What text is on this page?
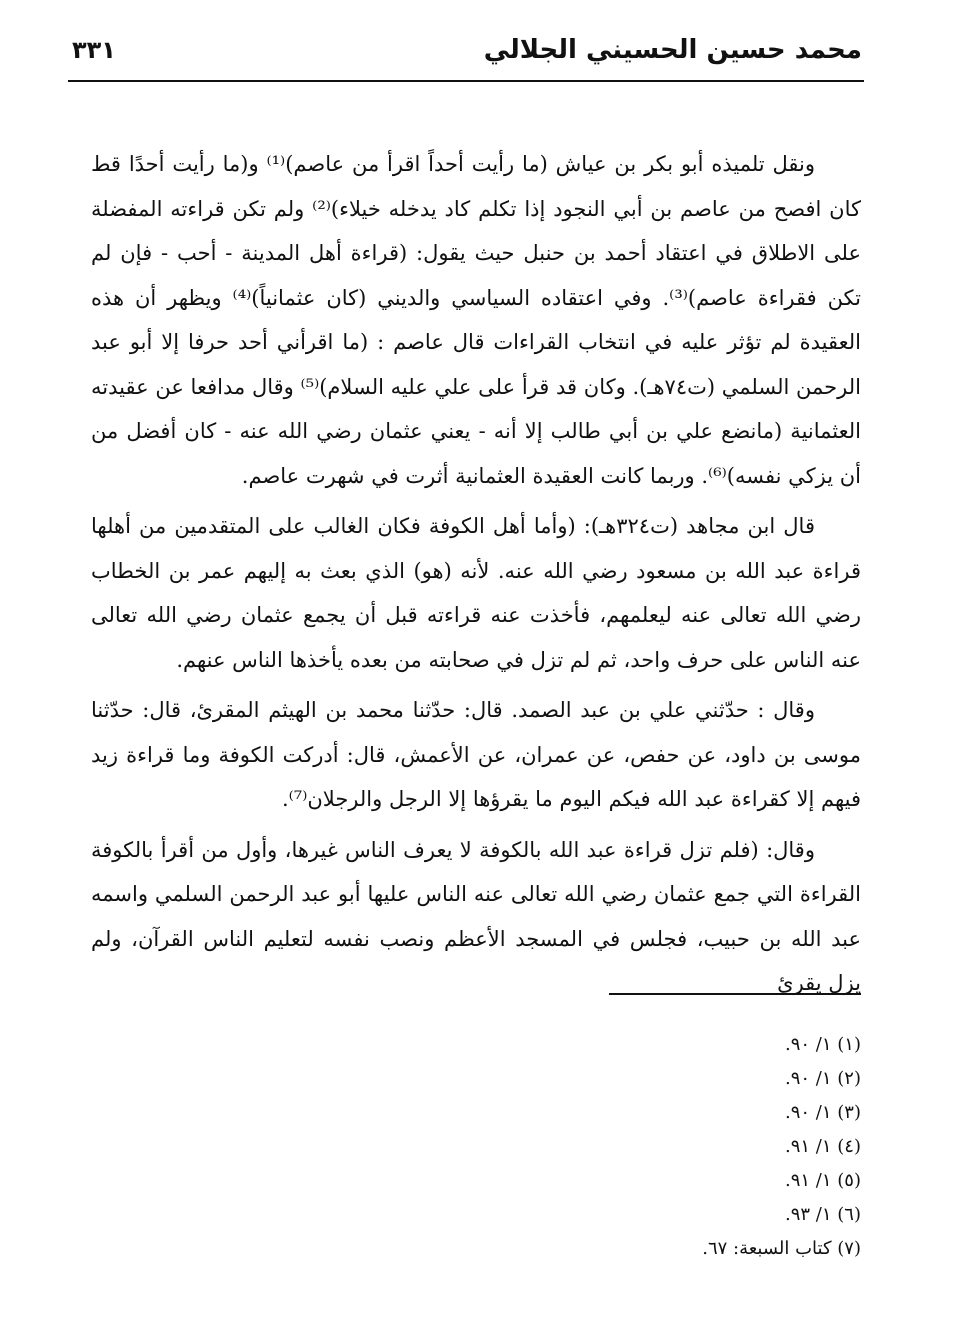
محمد حسين الحسيني الجلالي
٣٣١

ونقل تلميذه أبو بكر بن عياش (ما رأيت أحداً اقرأ من عاصم)⁽¹⁾ و(ما رأيت أحدًا قط كان افصح من عاصم بن أبي النجود إذا تكلم كاد يدخله خيلاء)⁽²⁾ ولم تكن قراءته المفضلة على الاطلاق في اعتقاد أحمد بن حنبل حيث يقول: (قراءة أهل المدينة - أحب - فإن لم تكن فقراءة عاصم)⁽³⁾. وفي اعتقاده السياسي والديني (كان عثمانياً)⁽⁴⁾ ويظهر أن هذه العقيدة لم تؤثر عليه في انتخاب القراءات قال عاصم : (ما اقرأني أحد حرفا إلا أبو عبد الرحمن السلمي (ت٧٤هـ). وكان قد قرأ على علي عليه السلام)⁽⁵⁾ وقال مدافعا عن عقيدته العثمانية (مانضع علي بن أبي طالب إلا أنه - يعني عثمان رضي الله عنه - كان أفضل من أن يزكي نفسه)⁽⁶⁾. وربما كانت العقيدة العثمانية أثرت في شهرت عاصم.

قال ابن مجاهد (ت٣٢٤هـ): (وأما أهل الكوفة فكان الغالب على المتقدمين من أهلها قراءة عبد الله بن مسعود رضي الله عنه. لأنه (هو) الذي بعث به إليهم عمر بن الخطاب رضي الله تعالى عنه ليعلمهم، فأخذت عنه قراءته قبل أن يجمع عثمان رضي الله تعالى عنه الناس على حرف واحد، ثم لم تزل في صحابته من بعده يأخذها الناس عنهم.

وقال : حدّثني علي بن عبد الصمد. قال: حدّثنا محمد بن الهيثم المقرئ، قال: حدّثنا موسى بن داود، عن حفص، عن عمران، عن الأعمش، قال: أدركت الكوفة وما قراءة زيد فيهم إلا كقراءة عبد الله فيكم اليوم ما يقرؤها إلا الرجل والرجلان⁽⁷⁾.

وقال: (فلم تزل قراءة عبد الله بالكوفة لا يعرف الناس غيرها، وأول من أقرأ بالكوفة القراءة التي جمع عثمان رضي الله تعالى عنه الناس عليها أبو عبد الرحمن السلمي واسمه عبد الله بن حبيب، فجلس في المسجد الأعظم ونصب نفسه لتعليم الناس القرآن، ولم يزل يقرئ

(١) ١/ ٩٠.
(٢) ١/ ٩٠.
(٣) ١/ ٩٠.
(٤) ١/ ٩١.
(٥) ١/ ٩١.
(٦) ١/ ٩٣.
(٧) كتاب السبعة: ٦٧.
